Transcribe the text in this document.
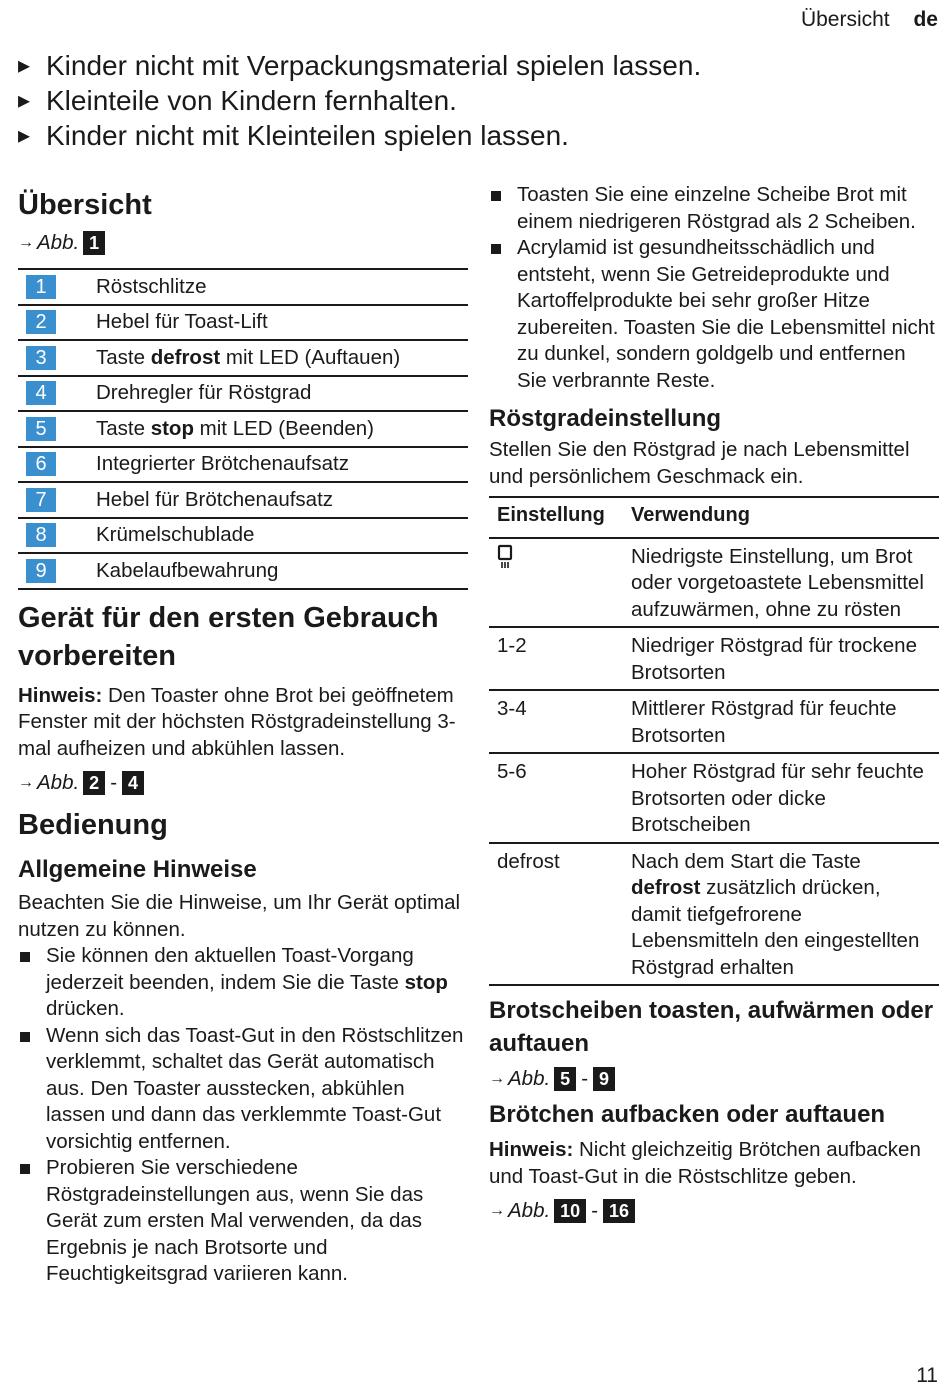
Übersicht de
▸ Kinder nicht mit Verpackungsmaterial spielen lassen.
▸ Kleinteile von Kindern fernhalten.
▸ Kinder nicht mit Kleinteilen spielen lassen.
Übersicht
→ Abb. 1
1	Röstschlitze
2	Hebel für Toast-Lift
3	Taste defrost mit LED (Auftauen)
4	Drehregler für Röstgrad
5	Taste stop mit LED (Beenden)
6	Integrierter Brötchenaufsatz
7	Hebel für Brötchenaufsatz
8	Krümelschublade
9	Kabelaufbewahrung
Gerät für den ersten Gebrauch vorbereiten

Hinweis: Den Toaster ohne Brot bei geöffnetem Fenster mit der höchsten Röstgradeinstellung 3-mal aufheizen und abkühlen lassen.

→ Abb. 2 - 4
Bedienung
Allgemeine Hinweise

Beachten Sie die Hinweise, um Ihr Gerät optimal nutzen zu können.

Sie können den aktuellen Toast-Vorgang jederzeit beenden, indem Sie die Taste stop drücken.
Wenn sich das Toast-Gut in den Röstschlitzen verklemmt, schaltet das Gerät automatisch aus. Den Toaster ausstecken, abkühlen lassen und dann das verklemmte Toast-Gut vorsichtig entfernen.
Probieren Sie verschiedene Röstgradeinstellungen aus, wenn Sie das Gerät zum ersten Mal verwenden, da das Ergebnis je nach Brotsorte und Feuchtigkeitsgrad variieren kann.
Toasten Sie eine einzelne Scheibe Brot mit einem niedrigeren Röstgrad als 2 Scheiben.
Acrylamid ist gesundheitsschädlich und entsteht, wenn Sie Getreideprodukte und Kartoffelprodukte bei sehr großer Hitze zubereiten. Toasten Sie die Lebensmittel nicht zu dunkel, sondern goldgelb und entfernen Sie verbrannte Reste.
Röstgradeinstellung

Stellen Sie den Röstgrad je nach Lebensmittel und persönlichem Geschmack ein.

Einstellung	Verwendung
	Niedrigste Einstellung, um Brot oder vorgetoastete Lebensmittel aufzuwärmen, ohne zu rösten
1-2	Niedriger Röstgrad für trockene Brotsorten
3-4	Mittlerer Röstgrad für feuchte Brotsorten
5-6	Hoher Röstgrad für sehr feuchte Brotsorten oder dicke Brotscheiben
defrost	Nach dem Start die Taste defrost zusätzlich drücken, damit tiefgefrorene Lebensmitteln den eingestellten Röstgrad erhalten
Brotscheiben toasten, aufwärmen oder auftauen
→ Abb. 5 - 9
Brötchen aufbacken oder auftauen

Hinweis: Nicht gleichzeitig Brötchen aufbacken und Toast-Gut in die Röstschlitze geben.

→ Abb. 10 - 16
11
